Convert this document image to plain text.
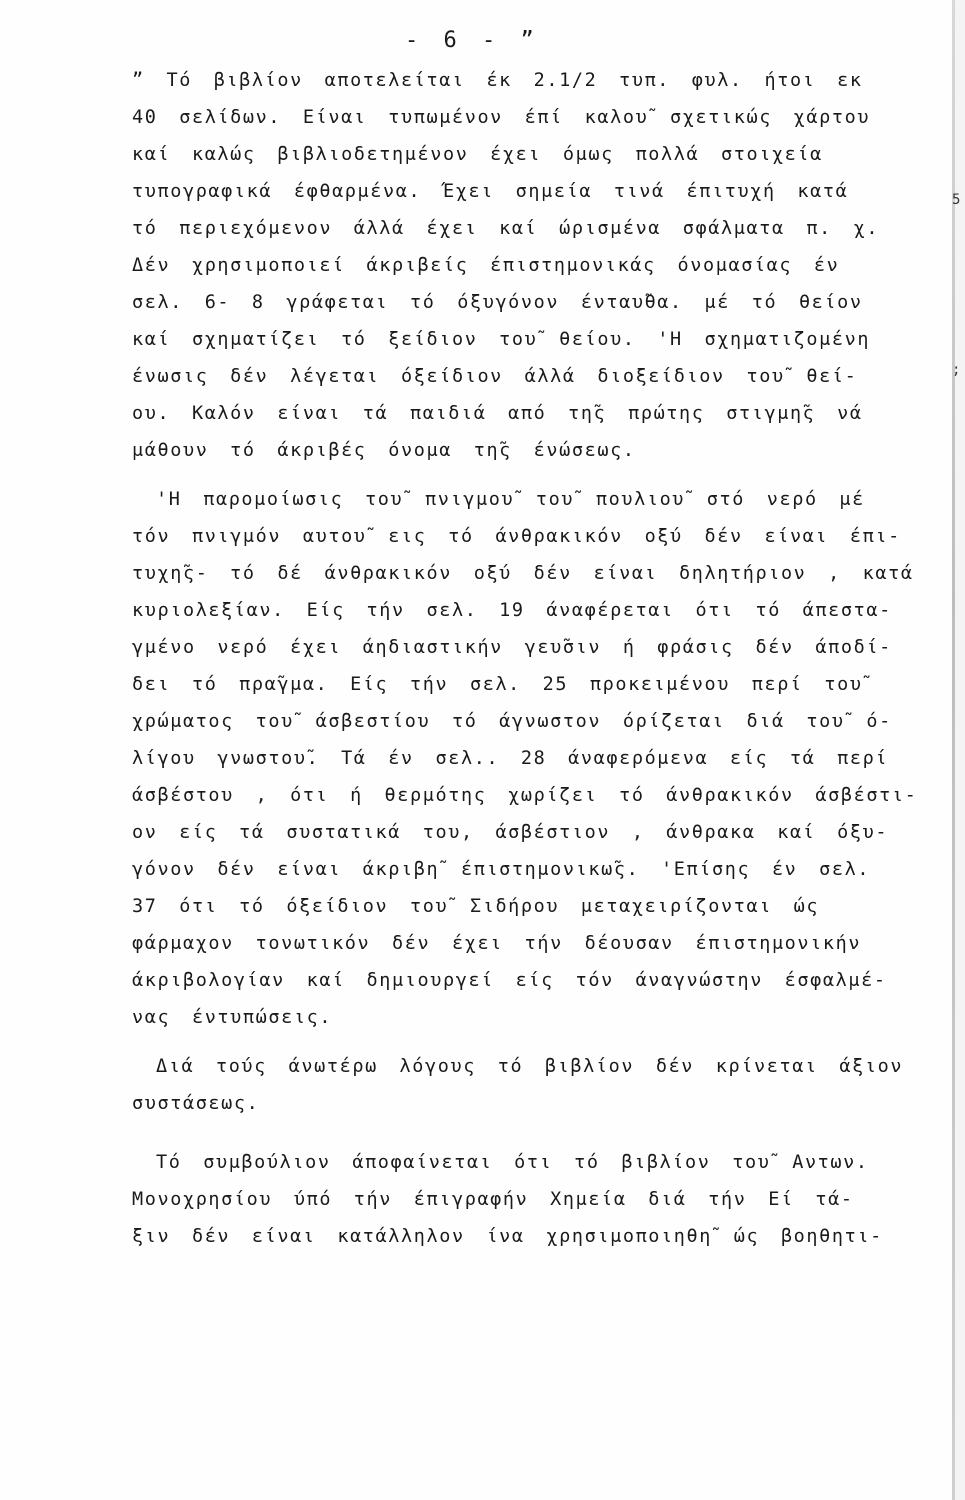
5
;
- 6 - ”
” Τό βιβλίον αποτελείται έκ 2.1/2 τυπ. φυλ. ήτοι εκ
40 σελίδων. Είναι τυπωμένον έπί καλου̃ σχετικώς χάρτου
καί καλώς βιβλιοδετημένον έχει όμως πολλά στοιχεία
τυπογραφικά έφθαρμένα. Έχει σημεία τινά έπιτυχή κατά
τό περιεχόμενον άλλά έχει καί ώρισμένα σφάλματα π. χ.
Δέν χρησιμοποιεί άκριβείς έπιστημονικάς όνομασίας έν
σελ. 6- 8 γράφεται τό όξυγόνον ένταυ̃θα. μέ τό θείον
καί σχηματίζει τό ξείδιον του̃ θείου. 'Η σχηματιζομένη
ένωσις δέν λέγεται όξείδιον άλλά διοξείδιον του̃ θεί-
ου. Καλόν είναι τά παιδιά από τη̃ς πρώτης στιγμη̃ς νά
μάθουν τό άκριβές όνομα τη̃ς ένώσεως.
'Η παρομοίωσις του̃ πνιγμου̃ του̃ πουλιου̃ στό νερό μέ
τόν πνιγμόν αυτου̃ εις τό άνθρακικόν οξύ δέν είναι έπι-
τυχη̃ς- τό δέ άνθρακικόν οξύ δέν είναι δηλητήριον , κατά
κυριολεξίαν. Είς τήν σελ. 19 άναφέρεται ότι τό άπεστα-
γμένο νερό έχει άηδιαστικήν γευ̃σιν ή φράσις δέν άποδί-
δει τό πρα̃γμα. Είς τήν σελ. 25 προκειμένου περί του̃
χρώματος του̃ άσβεστίου τό άγνωστον όρίζεται διά του̃ ό-
λίγου γνωστου̃. Τά έν σελ.. 28 άναφερόμενα είς τά περί
άσβέστου , ότι ή θερμότης χωρίζει τό άνθρακικόν άσβέστι-
ον είς τά συστατικά του, άσβέστιον , άνθρακα καί όξυ-
γόνον δέν είναι άκριβη̃ έπιστημονικω̃ς. 'Επίσης έν σελ.
37 ότι τό όξείδιον του̃ Σιδήρου μεταχειρίζονται ώς
φάρμαχον τονωτικόν δέν έχει τήν δέουσαν έπιστημονικήν
άκριβολογίαν καί δημιουργεί είς τόν άναγνώστην έσφαλμέ-
νας έντυπώσεις.
Διά τούς άνωτέρω λόγους τό βιβλίον δέν κρίνεται άξιον
συστάσεως.
Τό συμβούλιον άποφαίνεται ότι τό βιβλίον του̃ Αντων.
Μονοχρησίου ύπό τήν έπιγραφήν Χημεία διά τήν Εί τά-
ξιν δέν είναι κατάλληλον ίνα χρησιμοποιηθη̃ ώς βοηθητι-
